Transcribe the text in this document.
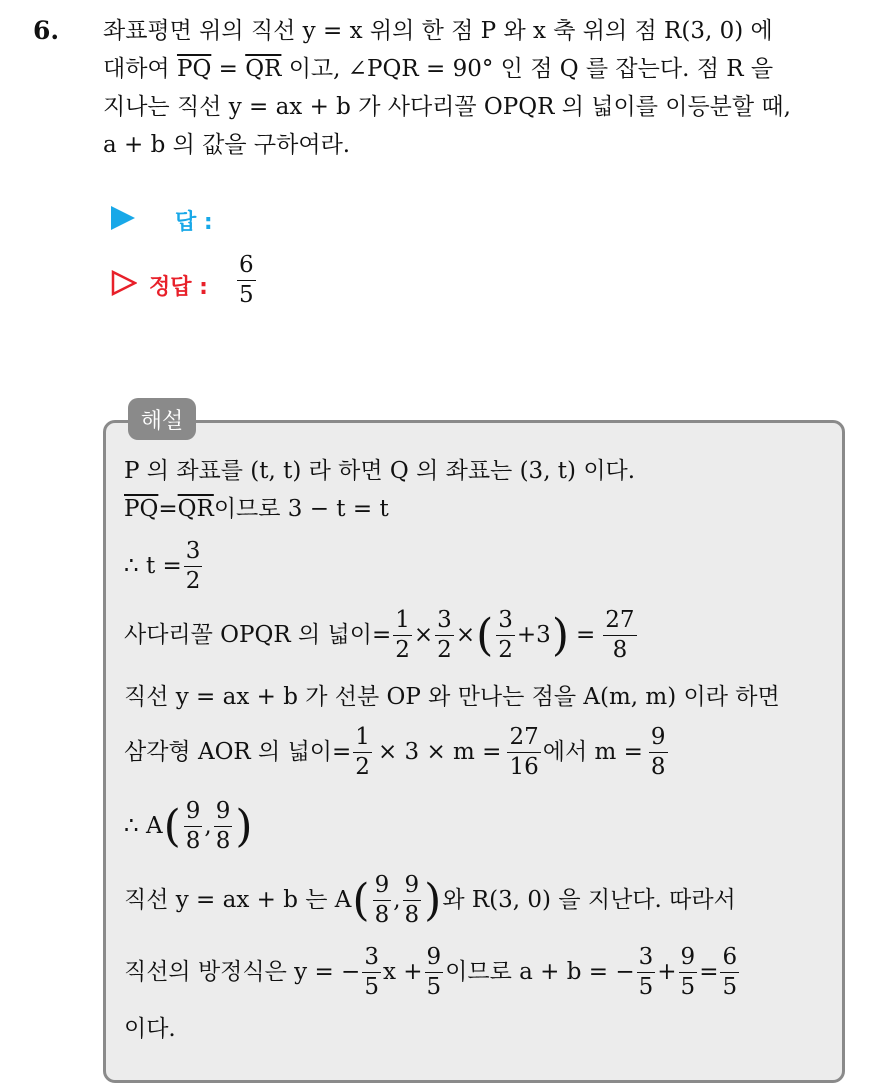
6. 좌표평면 위의 직선 y = x 위의 한 점 P 와 x 축 위의 점 R(3, 0) 에
대하여 $\overline{PQ} = \overline{QR}$ 이고, ∠PQR = 90° 인 점 Q 를 잡는다. 점 R 을
지나는 직선 y = ax + b 가 사다리꼴 OPQR 의 넓이를 이등분할 때,
a + b 의 값을 구하여라.
답 :
정답 : $\frac{6}{5}$
해설
P 의 좌표를 (t, t) 라 하면 Q 의 좌표는 (3, t) 이다.
$\overline{PQ} = \overline{QR}$ 이므로 3 − t = t
∴ $t = \frac{3}{2}$
사다리꼴 OPQR 의 넓이= $\frac{1}{2} \times \frac{3}{2}$ × ( $\frac{3}{2} +3$ ) = $\frac{27}{8}$
직선 y = ax + b 가 선분 OP 와 만나는 점을 A(m, m) 이라 하면
삼각형 AOR 의 넓이= $\frac{1}{2} \times 3 \times m = \frac{27}{16}$ 에서 $m = \frac{9}{8}$
∴ A ( $\frac{9}{8}$ , $\frac{9}{8}$ )
직선 y = ax + b 는 A ( $\frac{9}{8}$ , $\frac{9}{8}$ ) 와 R(3, 0) 을 지난다. 따라서
직선의 방정식은 y = − $\frac{3}{5}$ $x + \frac{9}{5}$ 이므로 a + b = − $\frac{3}{5} + \frac{9}{5} = \frac{6}{5}$
이다.
